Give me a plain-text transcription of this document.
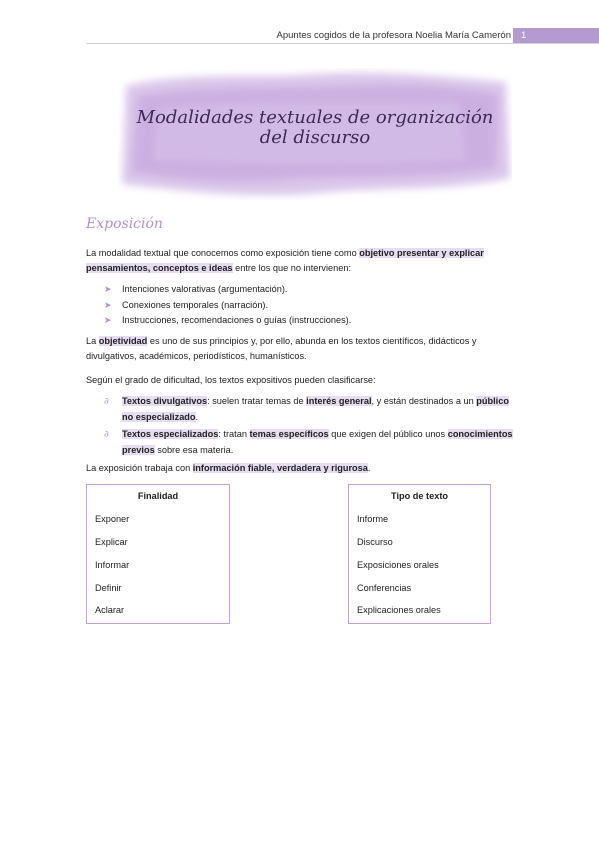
Apuntes cogidos de la profesora Noelia María Camerón	1
Modalidades textuales de organización
del discurso
Exposición
La modalidad textual que conocemos como exposición tiene como objetivo presentar y explicar pensamientos, conceptos e ideas entre los que no intervienen:
➤ Intenciones valorativas (argumentación).
➤ Conexiones temporales (narración).
➤ Instrucciones, recomendaciones o guías (instrucciones).
La objetividad es uno de sus principios y, por ello, abunda en los textos científicos, didácticos y divulgativos, académicos, periodísticos, humanísticos.
Según el grado de dificultad, los textos expositivos pueden clasificarse:
∂ Textos divulgativos: suelen tratar temas de interés general, y están destinados a un público no especializado.
∂ Textos especializados: tratan temas específicos que exigen del público unos conocimientos previos sobre esa materia.
La exposición trabaja con información fiable, verdadera y rigurosa.
Finalidad
Exponer
Explicar
Informar
Definir
Aclarar
Tipo de texto
Informe
Discurso
Exposiciones orales
Conferencias
Explicaciones orales
